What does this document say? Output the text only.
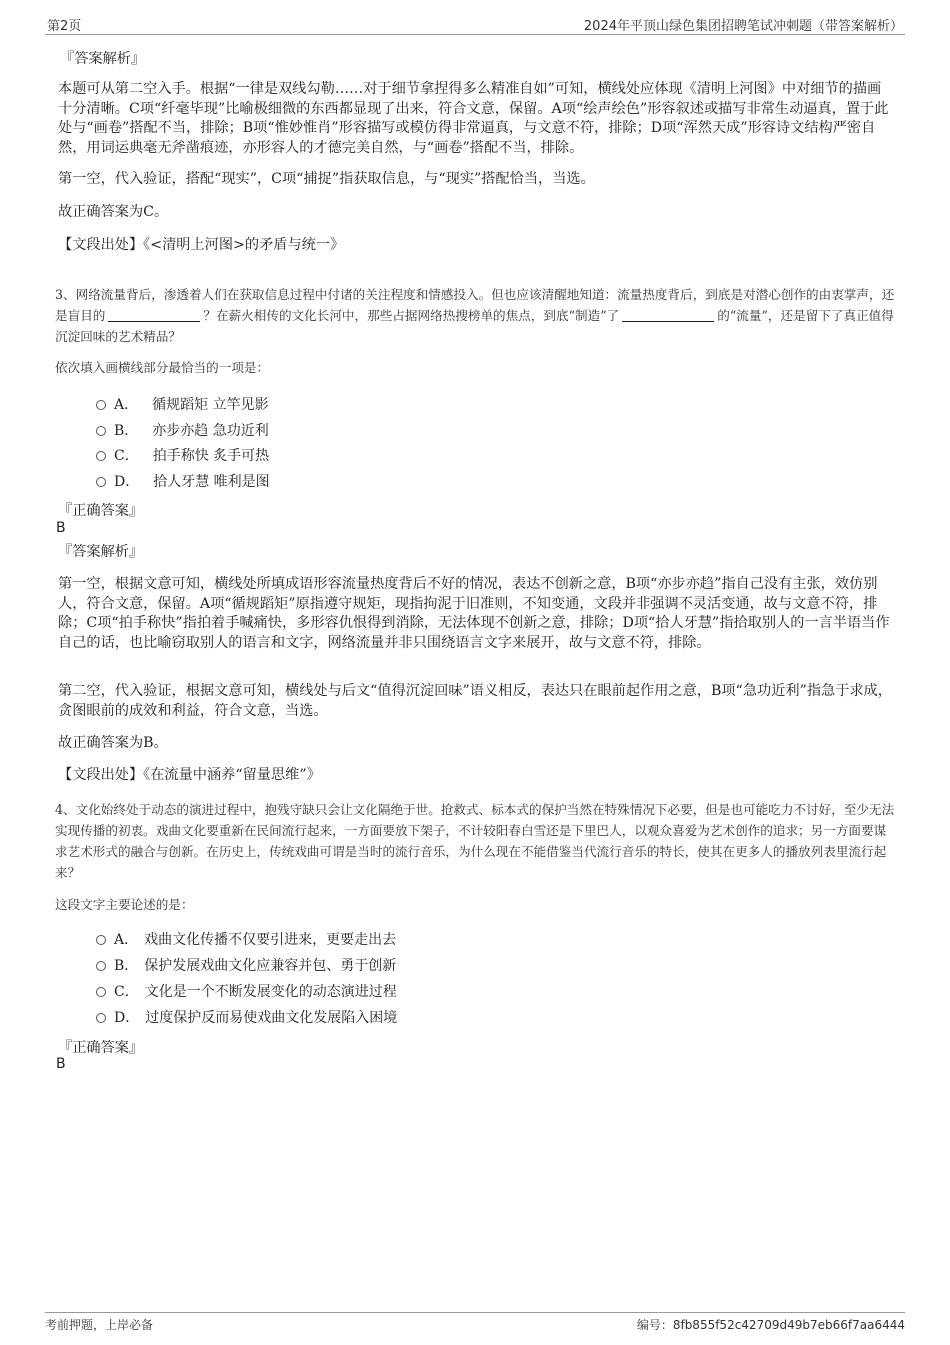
第2页	2024年平顶山绿色集团招聘笔试冲刺题（带答案解析）
『答案解析』
本题可从第二空入手。根据“一律是双线勾勒……对于细节拿捏得多么精准自如”可知，横线处应体现《清明上河图》中对细节的描画十分清晰。C项“纤毫毕现”比喻极细微的东西都显现了出来，符合文意，保留。A项“绘声绘色”形容叙述或描写非常生动逼真，置于此处与“画卷”搭配不当，排除；B项“惟妙惟肖”形容描写或模仿得非常逼真，与文意不符，排除；D项“浑然天成”形容诗文结构严密自然，用词运典毫无斧凿痕迹，亦形容人的才德完美自然，与“画卷”搭配不当，排除。
第一空，代入验证，搭配“现实”，C项“捕捉”指获取信息，与“现实”搭配恰当，当选。
故正确答案为C。
【文段出处】《<清明上河图>的矛盾与统一》
3、网络流量背后，渗透着人们在获取信息过程中付诸的关注程度和情感投入。但也应该清醒地知道：流量热度背后，到底是对潜心创作的由衷掌声，还是盲目的	？在薪火相传的文化长河中，那些占据网络热搜榜单的焦点，到底“制造”了	的“流量”，还是留下了真正值得沉淀回味的艺术精品？
依次填入画横线部分最恰当的一项是：
A． 循规蹈矩 立竿见影
B． 亦步亦趋 急功近利
C． 拍手称快 炙手可热
D． 拾人牙慧 唯利是图
『正确答案』
B
『答案解析』
第一空，根据文意可知，横线处所填成语形容流量热度背后不好的情况，表达不创新之意，B项“亦步亦趋”指自己没有主张，效仿别人，符合文意，保留。A项“循规蹈矩”原指遵守规矩，现指拘泥于旧准则，不知变通，文段并非强调不灵活变通，故与文意不符，排除；C项“拍手称快”指拍着手喊痛快，多形容仇恨得到消除，无法体现不创新之意，排除；D项“拾人牙慧”指拾取别人的一言半语当作自己的话，也比喻窃取别人的语言和文字，网络流量并非只围绕语言文字来展开，故与文意不符，排除。
第二空，代入验证，根据文意可知，横线处与后文“值得沉淀回味”语义相反，表达只在眼前起作用之意，B项“急功近利”指急于求成，贪图眼前的成效和利益，符合文意，当选。
故正确答案为B。
【文段出处】《在流量中涵养“留量思维”》
4、文化始终处于动态的演进过程中，抱残守缺只会让文化隔绝于世。抢救式、标本式的保护当然在特殊情况下必要，但是也可能吃力不讨好，至少无法实现传播的初衷。戏曲文化要重新在民间流行起来，一方面要放下架子，不计较阳春白雪还是下里巴人，以观众喜爱为艺术创作的追求；另一方面要谋求艺术形式的融合与创新。在历史上，传统戏曲可谓是当时的流行音乐，为什么现在不能借鉴当代流行音乐的特长，使其在更多人的播放列表里流行起来？
这段文字主要论述的是：
A． 戏曲文化传播不仅要引进来，更要走出去
B． 保护发展戏曲文化应兼容并包、勇于创新
C． 文化是一个不断发展变化的动态演进过程
D． 过度保护反而易使戏曲文化发展陷入困境
『正确答案』
B
考前押题，上岸必备	编号：8fb855f52c42709d49b7eb66f7aa6444
